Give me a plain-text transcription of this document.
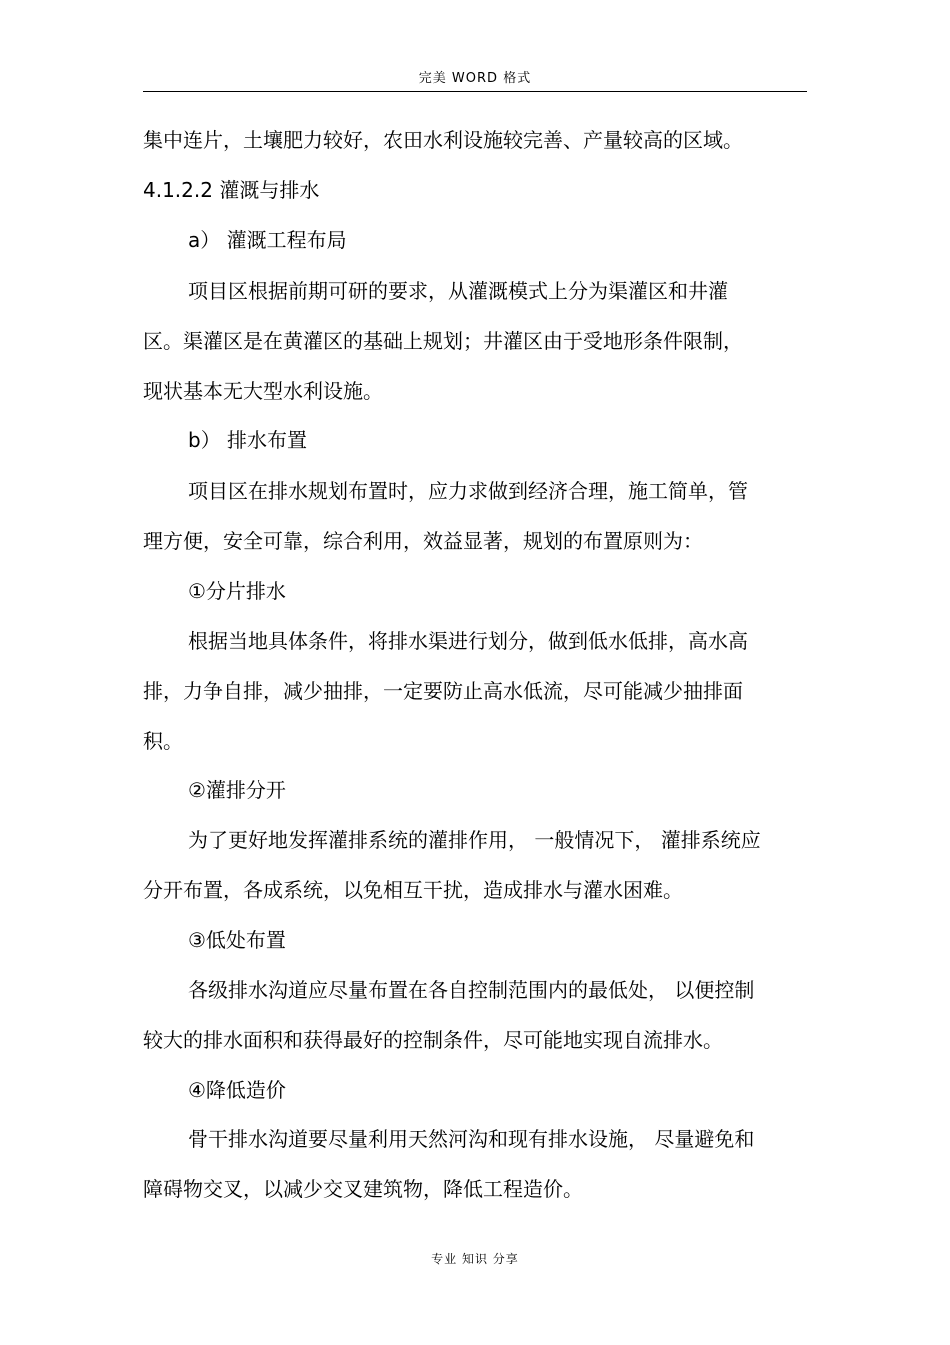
完美 WORD 格式
集中连片，土壤肥力较好，农田水利设施较完善、产量较高的区域。
4.1.2.2 灌溉与排水
a） 灌溉工程布局
项目区根据前期可研的要求，从灌溉模式上分为渠灌区和井灌
区。渠灌区是在黄灌区的基础上规划；井灌区由于受地形条件限制，
现状基本无大型水利设施。
b） 排水布置
项目区在排水规划布置时，应力求做到经济合理，施工简单，管
理方便，安全可靠，综合利用，效益显著，规划的布置原则为：
①分片排水
根据当地具体条件，将排水渠进行划分，做到低水低排，高水高
排，力争自排，减少抽排，一定要防止高水低流，尽可能减少抽排面
积。
②灌排分开
为了更好地发挥灌排系统的灌排作用， 一般情况下， 灌排系统应
分开布置，各成系统，以免相互干扰，造成排水与灌水困难。
③低处布置
各级排水沟道应尽量布置在各自控制范围内的最低处， 以便控制
较大的排水面积和获得最好的控制条件，尽可能地实现自流排水。
④降低造价
骨干排水沟道要尽量利用天然河沟和现有排水设施， 尽量避免和
障碍物交叉，以减少交叉建筑物，降低工程造价。
专业 知识 分享
